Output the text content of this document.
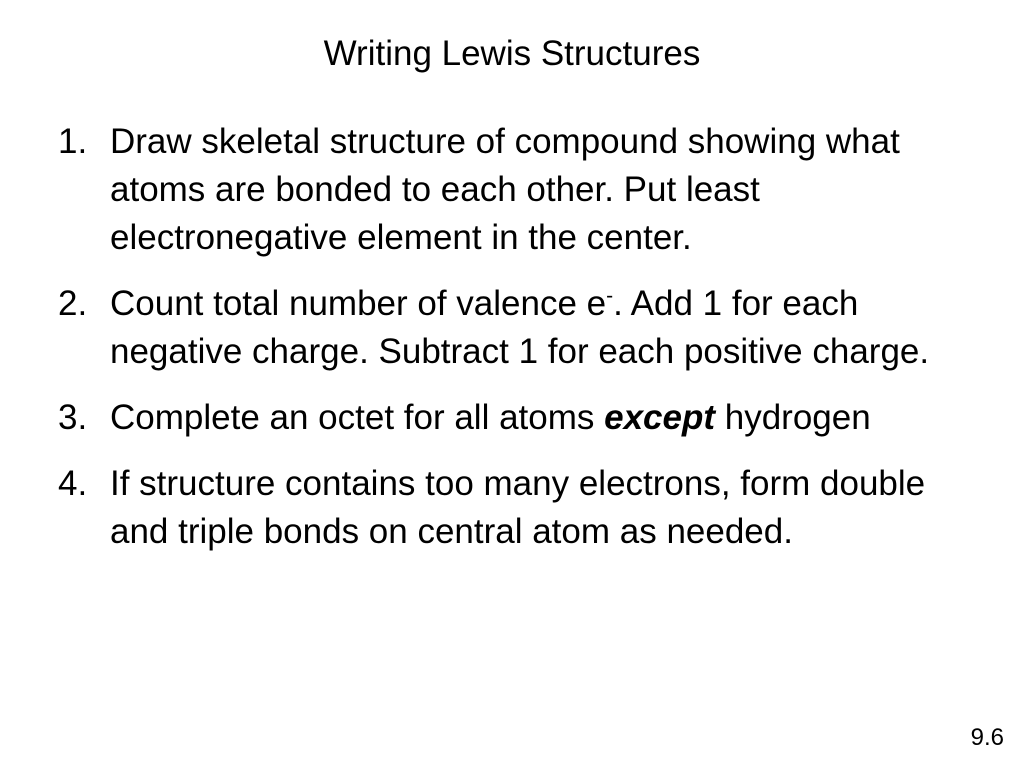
Writing Lewis Structures
1. Draw skeletal structure of compound showing what atoms are bonded to each other. Put least electronegative element in the center.
2. Count total number of valence e-. Add 1 for each negative charge. Subtract 1 for each positive charge.
3. Complete an octet for all atoms except hydrogen
4. If structure contains too many electrons, form double and triple bonds on central atom as needed.
9.6
